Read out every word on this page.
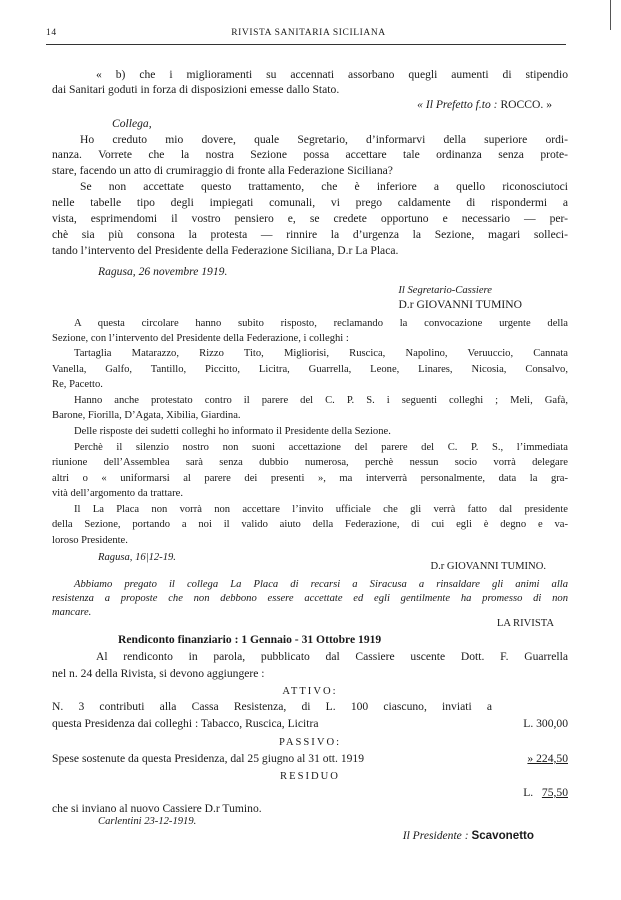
14	RIVISTA SANITARIA SICILIANA
« b) che i miglioramenti su accennati assorbano quegli aumenti di stipendio
dai Sanitari goduti in forza di disposizioni emesse dallo Stato.
« Il Prefetto f.to : ROCCO. »
Collega,
Ho creduto mio dovere, quale Segretario, d’informarvi della superiore ordi-
nanza. Vorrete che la nostra Sezione possa accettare tale ordinanza senza prote-
stare, facendo un atto di crumiraggio di fronte alla Federazione Siciliana?
Se non accettate questo trattamento, che è inferiore a quello riconosciutoci
nelle tabelle tipo degli impiegati comunali, vi prego caldamente di rispondermi a
vista, esprimendomi il vostro pensiero e, se credete opportuno e necessario — per-
chè sia più consona la protesta — rinnire la d’urgenza la Sezione, magari solleci-
tando l’intervento del Presidente della Federazione Siciliana, D.r La Placa.
Ragusa, 26 novembre 1919.
Il Segretario-Cassiere
D.r GIOVANNI TUMINO
A questa circolare hanno subito risposto, reclamando la convocazione urgente della
Sezione, con l’intervento del Presidente della Federazione, i colleghi :
Tartaglia Matarazzo, Rizzo Tito, Migliorisi, Ruscica, Napolino, Veruuccio, Cannata
Vanella, Galfo, Tantillo, Piccitto, Licitra, Guarrella, Leone, Linares, Nicosia, Consalvo,
Re, Pacetto.
Hanno anche protestato contro il parere del C. P. S. i seguenti colleghi ; Meli, Gafà,
Barone, Fiorilla, D’Agata, Xibilia, Giardina.
Delle risposte dei sudetti colleghi ho informato il Presidente della Sezione.
Perchè il silenzio nostro non suoni accettazione del parere del C. P. S., l’immediata
riunione dell’Assemblea sarà senza dubbio numerosa, perchè nessun socio vorrà delegare
altri o « uniformarsi al parere dei presenti », ma interverrà personalmente, data la gra-
vità dell’argomento da trattare.
Il La Placa non vorrà non accettare l’invito ufficiale che gli verrà fatto dal presidente
della Sezione, portando a noi il valido aiuto della Federazione, di cui egli è degno e va-
loroso Presidente.
Ragusa, 16|12-19.
D.r GIOVANNI TUMINO.
Abbiamo pregato il collega La Placa di recarsi a Siracusa a rinsaldare gli animi alla
resistenza a proposte che non debbono essere accettate ed egli gentilmente ha promesso di non
mancare.
LA RIVISTA
Rendiconto finanziario : 1 Gennaio - 31 Ottobre 1919
Al rendiconto in parola, pubblicato dal Cassiere uscente Dott. F. Guarrella
nel n. 24 della Rivista, si devono aggiungere :
ATTIVO:
N. 3 contributi alla Cassa Resistenza, di L. 100 ciascuno, inviati a
questa Presidenza dai colleghi : Tabacco, Ruscica, Licitra	L. 300,00
PASSIVO:
Spese sostenute da questa Presidenza, dal 25 giugno al 31 ott. 1919	» 224,50
RESIDUO
L. 75,50
che si inviano al nuovo Cassiere D.r Tumino.
Carlentini 23-12-1919.
Il Presidente : Scavonetto
